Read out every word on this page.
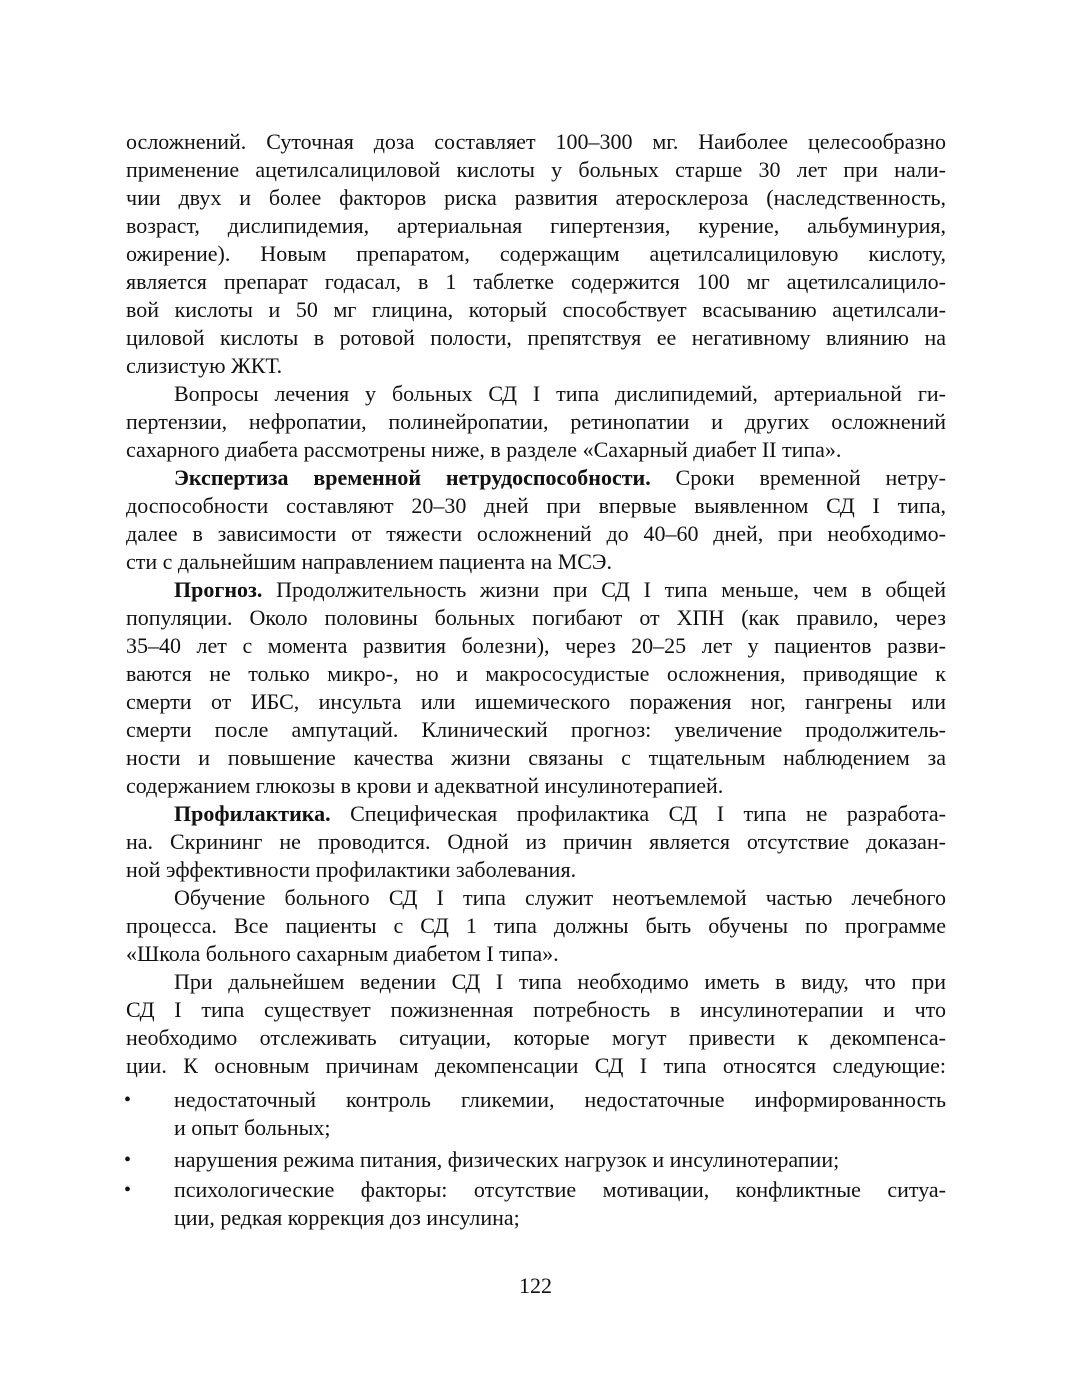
осложнений. Суточная доза составляет 100–300 мг. Наиболее целесообразно
применение ацетилсалициловой кислоты у больных старше 30 лет при нали-
чии двух и более факторов риска развития атеросклероза (наследственность,
возраст, дислипидемия, артериальная гипертензия, курение, альбуминурия,
ожирение). Новым препаратом, содержащим ацетилсалициловую кислоту,
является препарат годасал, в 1 таблетке содержится 100 мг ацетилсалицило-
вой кислоты и 50 мг глицина, который способствует всасыванию ацетилсали-
циловой кислоты в ротовой полости, препятствуя ее негативному влиянию на
слизистую ЖКТ.
Вопросы лечения у больных СД I типа дислипидемий, артериальной ги-
пертензии, нефропатии, полинейропатии, ретинопатии и других осложнений
сахарного диабета рассмотрены ниже, в разделе «Сахарный диабет II типа».
Экспертиза временной нетрудоспособности. Сроки временной нетру-
доспособности составляют 20–30 дней при впервые выявленном СД I типа,
далее в зависимости от тяжести осложнений до 40–60 дней, при необходимо-
сти с дальнейшим направлением пациента на МСЭ.
Прогноз. Продолжительность жизни при СД I типа меньше, чем в общей
популяции. Около половины больных погибают от ХПН (как правило, через
35–40 лет с момента развития болезни), через 20–25 лет у пациентов разви-
ваются не только микро-, но и макрососудистые осложнения, приводящие к
смерти от ИБС, инсульта или ишемического поражения ног, гангрены или
смерти после ампутаций. Клинический прогноз: увеличение продолжитель-
ности и повышение качества жизни связаны с тщательным наблюдением за
содержанием глюкозы в крови и адекватной инсулинотерапией.
Профилактика. Специфическая профилактика СД I типа не разработа-
на. Скрининг не проводится. Одной из причин является отсутствие доказан-
ной эффективности профилактики заболевания.
Обучение больного СД I типа служит неотъемлемой частью лечебного
процесса. Все пациенты с СД 1 типа должны быть обучены по программе
«Школа больного сахарным диабетом I типа».
При дальнейшем ведении СД I типа необходимо иметь в виду, что при
СД I типа существует пожизненная потребность в инсулинотерапии и что
необходимо отслеживать ситуации, которые могут привести к декомпенса-
ции. К основным причинам декомпенсации СД I типа относятся следующие:
• недостаточный контроль гликемии, недостаточные информированность
и опыт больных;
• нарушения режима питания, физических нагрузок и инсулинотерапии;
• психологические факторы: отсутствие мотивации, конфликтные ситуа-
ции, редкая коррекция доз инсулина;
122
